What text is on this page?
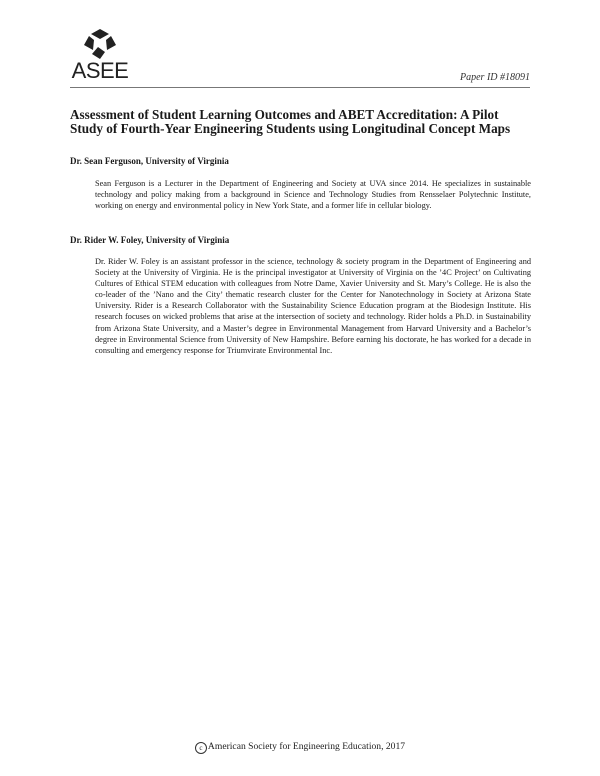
ASEE	Paper ID #18091
Assessment of Student Learning Outcomes and ABET Accreditation: A Pilot Study of Fourth-Year Engineering Students using Longitudinal Concept Maps

Dr. Sean Ferguson, University of Virginia

Sean Ferguson is a Lecturer in the Department of Engineering and Society at UVA since 2014. He specializes in sustainable technology and policy making from a background in Science and Technology Studies from Rensselaer Polytechnic Institute, working on energy and environmental policy in New York State, and a former life in cellular biology.

Dr. Rider W. Foley, University of Virginia

Dr. Rider W. Foley is an assistant professor in the science, technology & society program in the Department of Engineering and Society at the University of Virginia. He is the principal investigator at University of Virginia on the ’4C Project’ on Cultivating Cultures of Ethical STEM education with colleagues from Notre Dame, Xavier University and St. Mary’s College. He is also the co-leader of the ’Nano and the City’ thematic research cluster for the Center for Nanotechnology in Society at Arizona State University. Rider is a Research Collaborator with the Sustainability Science Education program at the Biodesign Institute. His research focuses on wicked problems that arise at the intersection of society and technology. Rider holds a Ph.D. in Sustainability from Arizona State University, and a Master’s degree in Environmental Management from Harvard University and a Bachelor’s degree in Environmental Science from University of New Hampshire. Before earning his doctorate, he has worked for a decade in consulting and emergency response for Triumvirate Environmental Inc.

c American Society for Engineering Education, 2017
